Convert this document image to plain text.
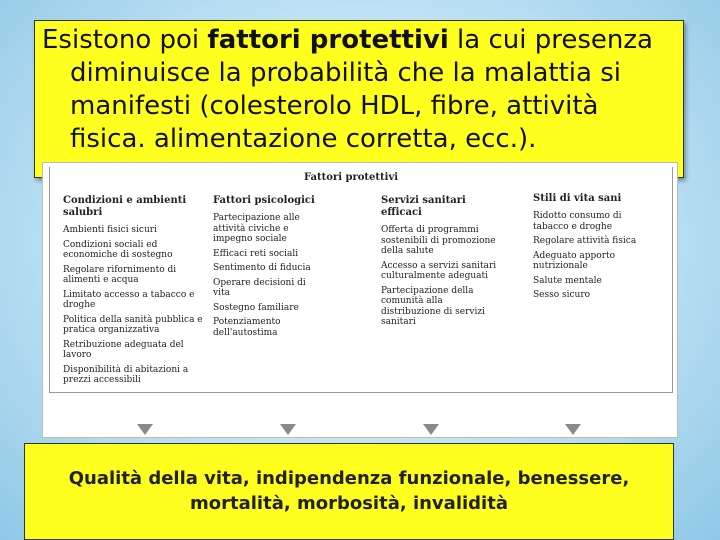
Esistono poi fattori protettivi la cui presenza diminuisce la probabilità che la malattia si manifesti (colesterolo HDL, fibre, attività fisica. alimentazione corretta, ecc.).

Fattori protettivi
Condizioni e ambienti salubri
Ambienti fisici sicuri
Condizioni sociali ed economiche di sostegno
Regolare rifornimento di alimenti e acqua
Limitato accesso a tabacco e droghe
Politica della sanità pubblica e pratica organizzativa
Retribuzione adeguata del lavoro
Disponibilità di abitazioni a prezzi accessibili
Fattori psicologici
Partecipazione alle attività civiche e impegno sociale
Efficaci reti sociali
Sentimento di fiducia
Operare decisioni di vita
Sostegno familiare
Potenziamento dell'autostima
Servizi sanitari efficaci
Offerta di programmi sostenibili di promozione della salute
Accesso a servizi sanitari culturalmente adeguati
Partecipazione della comunità alla distribuzione di servizi sanitari
Stili di vita sani
Ridotto consumo di tabacco e droghe
Regolare attività fisica
Adeguato apporto nutrizionale
Salute mentale
Sesso sicuro
Qualità della vita, indipendenza funzionale, benessere,
mortalità, morbosità, invalidità
